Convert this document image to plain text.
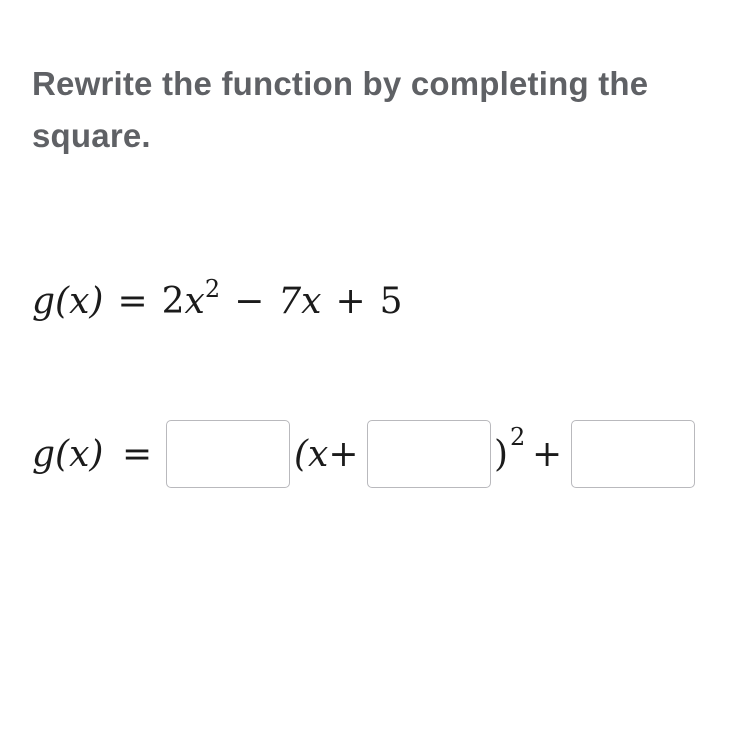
Rewrite the function by completing the square.
$g(x) = 2x^2 - 7x + 5$
g(x) =	(x+	) 2 +
